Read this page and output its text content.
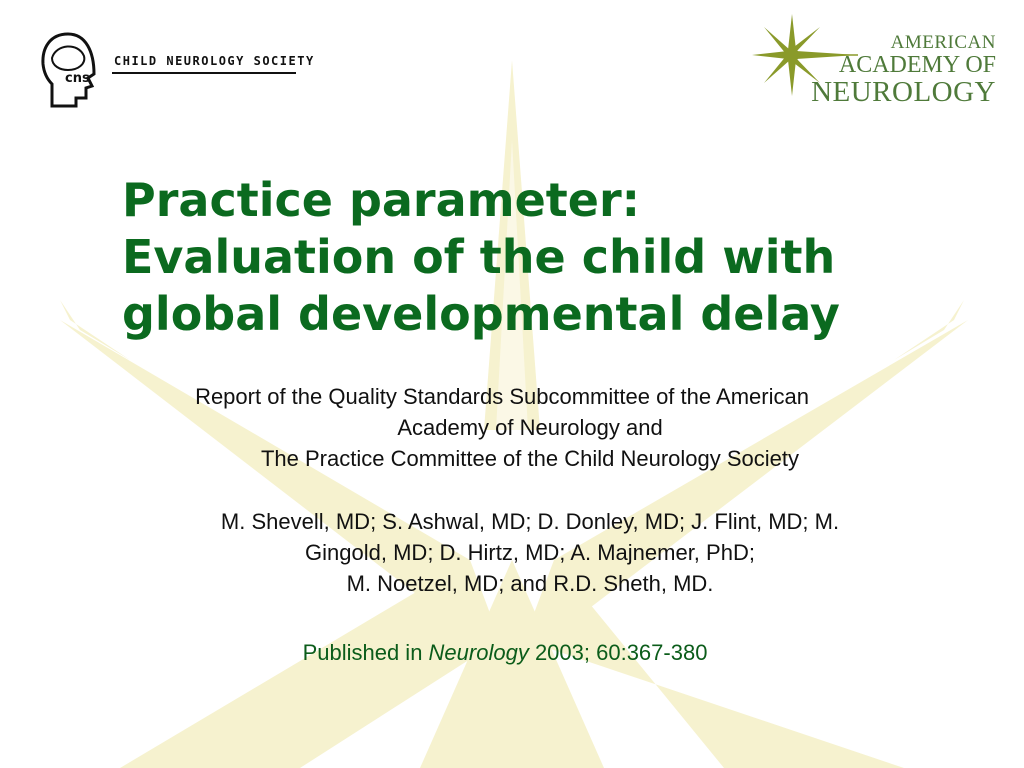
cns
CHILD NEUROLOGY SOCIETY
AMERICAN
ACADEMY OF
NEUROLOGY
Practice parameter:
Evaluation of the child with
global developmental delay
Report of the Quality Standards Subcommittee of the American
Academy of Neurology and
The Practice Committee of the Child Neurology Society
M. Shevell, MD; S. Ashwal, MD; D. Donley, MD; J. Flint, MD; M.
Gingold, MD; D. Hirtz, MD; A. Majnemer, PhD;
M. Noetzel, MD; and R.D. Sheth, MD.
Published in Neurology 2003; 60:367-380
